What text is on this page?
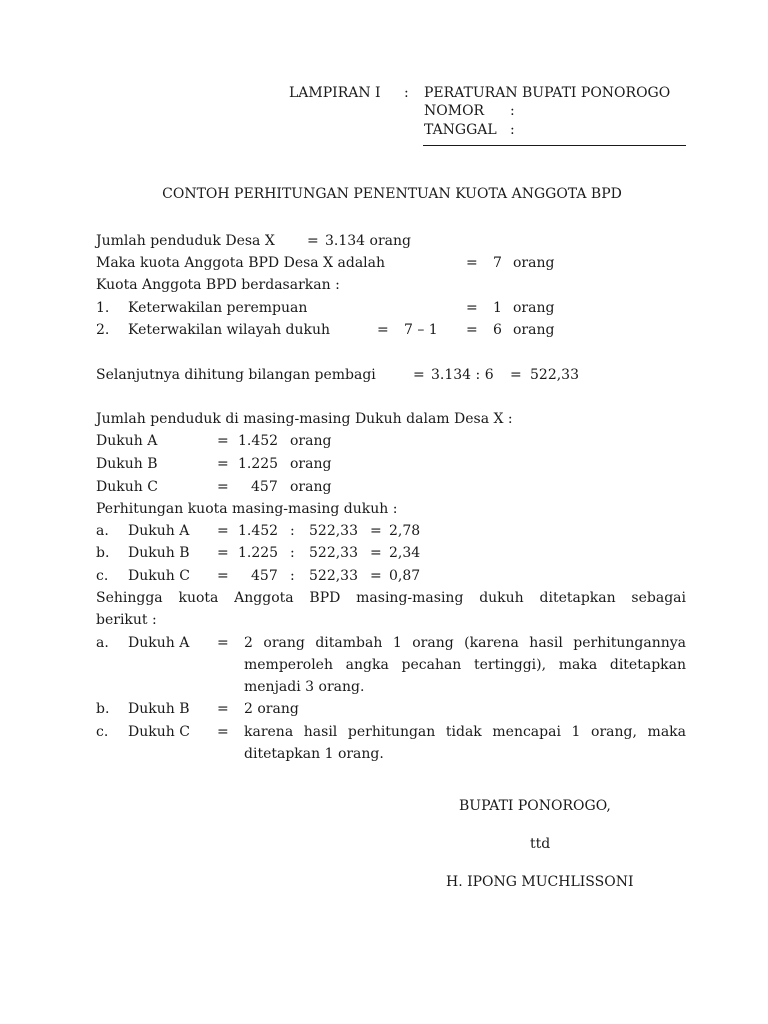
LAMPIRAN I : PERATURAN BUPATI PONOROGO
NOMOR :
TANGGAL :
CONTOH PERHITUNGAN PENENTUAN KUOTA ANGGOTA BPD
Jumlah penduduk Desa X = 3.134 orang
Maka kuota Anggota BPD Desa X adalah	= 7 orang
Kuota Anggota BPD berdasarkan :
1. Keterwakilan perempuan	= 1 orang
2. Keterwakilan wilayah dukuh	= 7 – 1 = 6 orang
Selanjutnya dihitung bilangan pembagi	= 3.134 : 6 = 522,33
Jumlah penduduk di masing-masing Dukuh dalam Desa X :
Dukuh A	= 1.452 orang
Dukuh B	= 1.225 orang
Dukuh C	= 457 orang
Perhitungan kuota masing-masing dukuh :
a. Dukuh A = 1.452 : 522,33 = 2,78
b. Dukuh B = 1.225 : 522,33 = 2,34
c. Dukuh C = 457 : 522,33 = 0,87
Sehingga kuota Anggota BPD masing-masing dukuh ditetapkan sebagai
berikut :
a. Dukuh A = 2 orang ditambah 1 orang (karena hasil perhitungannya
memperoleh angka pecahan tertinggi), maka ditetapkan
menjadi 3 orang.
b. Dukuh B = 2 orang
c. Dukuh C = karena hasil perhitungan tidak mencapai 1 orang, maka
ditetapkan 1 orang.
BUPATI PONOROGO,
ttd
H. IPONG MUCHLISSONI
